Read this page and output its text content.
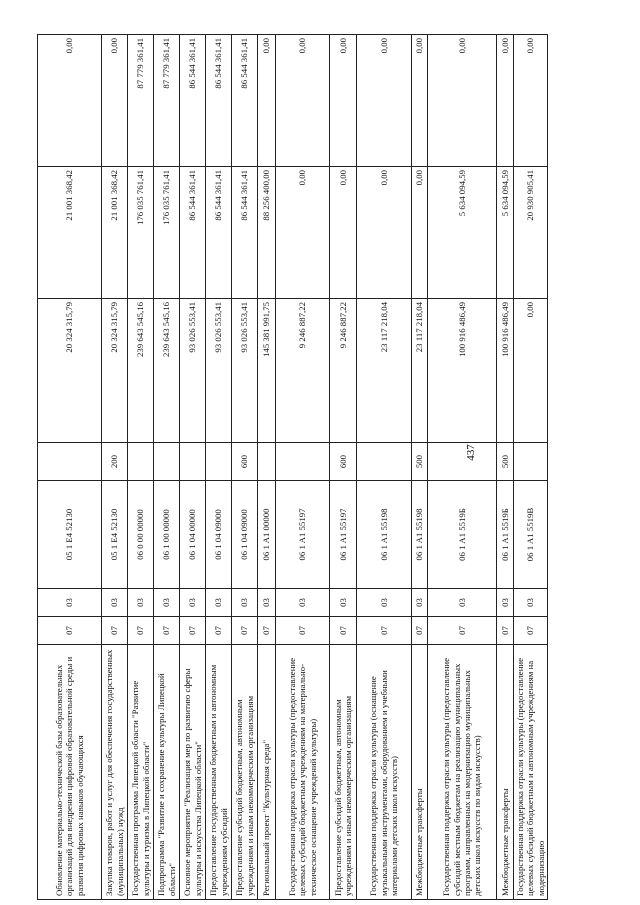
Обновление материально-технической базы образовательных организаций для внедрения цифровой образовательной среды и развития цифровых навыков обучающихся	07	03	05 1 E4 52130		20 324 315,79	21 001 368,42	0,00
Закупка товаров, работ и услуг для обеспечения государственных (муниципальных) нужд	07	03	05 1 E4 52130	200	20 324 315,79	21 001 368,42	0,00
Государственная программа Липецкой области "Развитие культуры и туризма в Липецкой области"	07	03	06 0 00 00000		239 643 545,16	176 035 761,41	87 779 361,41
Подпрограмма "Развитие и сохранение культуры Липецкой области"	07	03	06 1 00 00000		239 643 545,16	176 035 761,41	87 779 361,41
Основное мероприятие "Реализация мер по развитию сферы культуры и искусства Липецкой области"	07	03	06 1 04 00000		93 026 553,41	86 544 361,41	86 544 361,41
Предоставление государственным бюджетным и автономным учреждениям субсидий	07	03	06 1 04 09000		93 026 553,41	86 544 361,41	86 544 361,41
Предоставление субсидий бюджетным, автономным учреждениям и иным некоммерческим организациям	07	03	06 1 04 09000	600	93 026 553,41	86 544 361,41	86 544 361,41
Региональный проект "Культурная среда"	07	03	06 1 A1 00000		145 381 991,75	88 256 400,00	0,00
Государственная поддержка отрасли культуры (предоставление целевых субсидий бюджетным учреждениям на материально-техническое оснащение учреждений культуры)	07	03	06 1 A1 55197		9 246 887,22	0,00	0,00
Предоставление субсидий бюджетным, автономным учреждениям и иным некоммерческим организациям	07	03	06 1 A1 55197	600	9 246 887,22	0,00	0,00
Государственная поддержка отрасли культуры (оснащение музыкальными инструментами, оборудованием и учебными материалами детских школ искусств)	07	03	06 1 A1 55198		23 117 218,04	0,00	0,00
Межбюджетные трансферты	07	03	06 1 A1 55198	500	23 117 218,04	0,00	0,00
Государственная поддержка отрасли культуры (предоставление субсидий местным бюджетам на реализацию муниципальных программ, направленных на модернизацию муниципальных детских школ искусств по видам искусств)	07	03	06 1 A1 5519Б		100 916 486,49	5 634 094,59	0,00
Межбюджетные трансферты	07	03	06 1 A1 5519Б	500	100 916 486,49	5 634 094,59	0,00
Государственная поддержка отрасли культуры (предоставление целевых субсидий бюджетным и автономным учреждениям на модернизацию	07	03	06 1 A1 5519В		0,00	20 930 905,41	0,00
437
